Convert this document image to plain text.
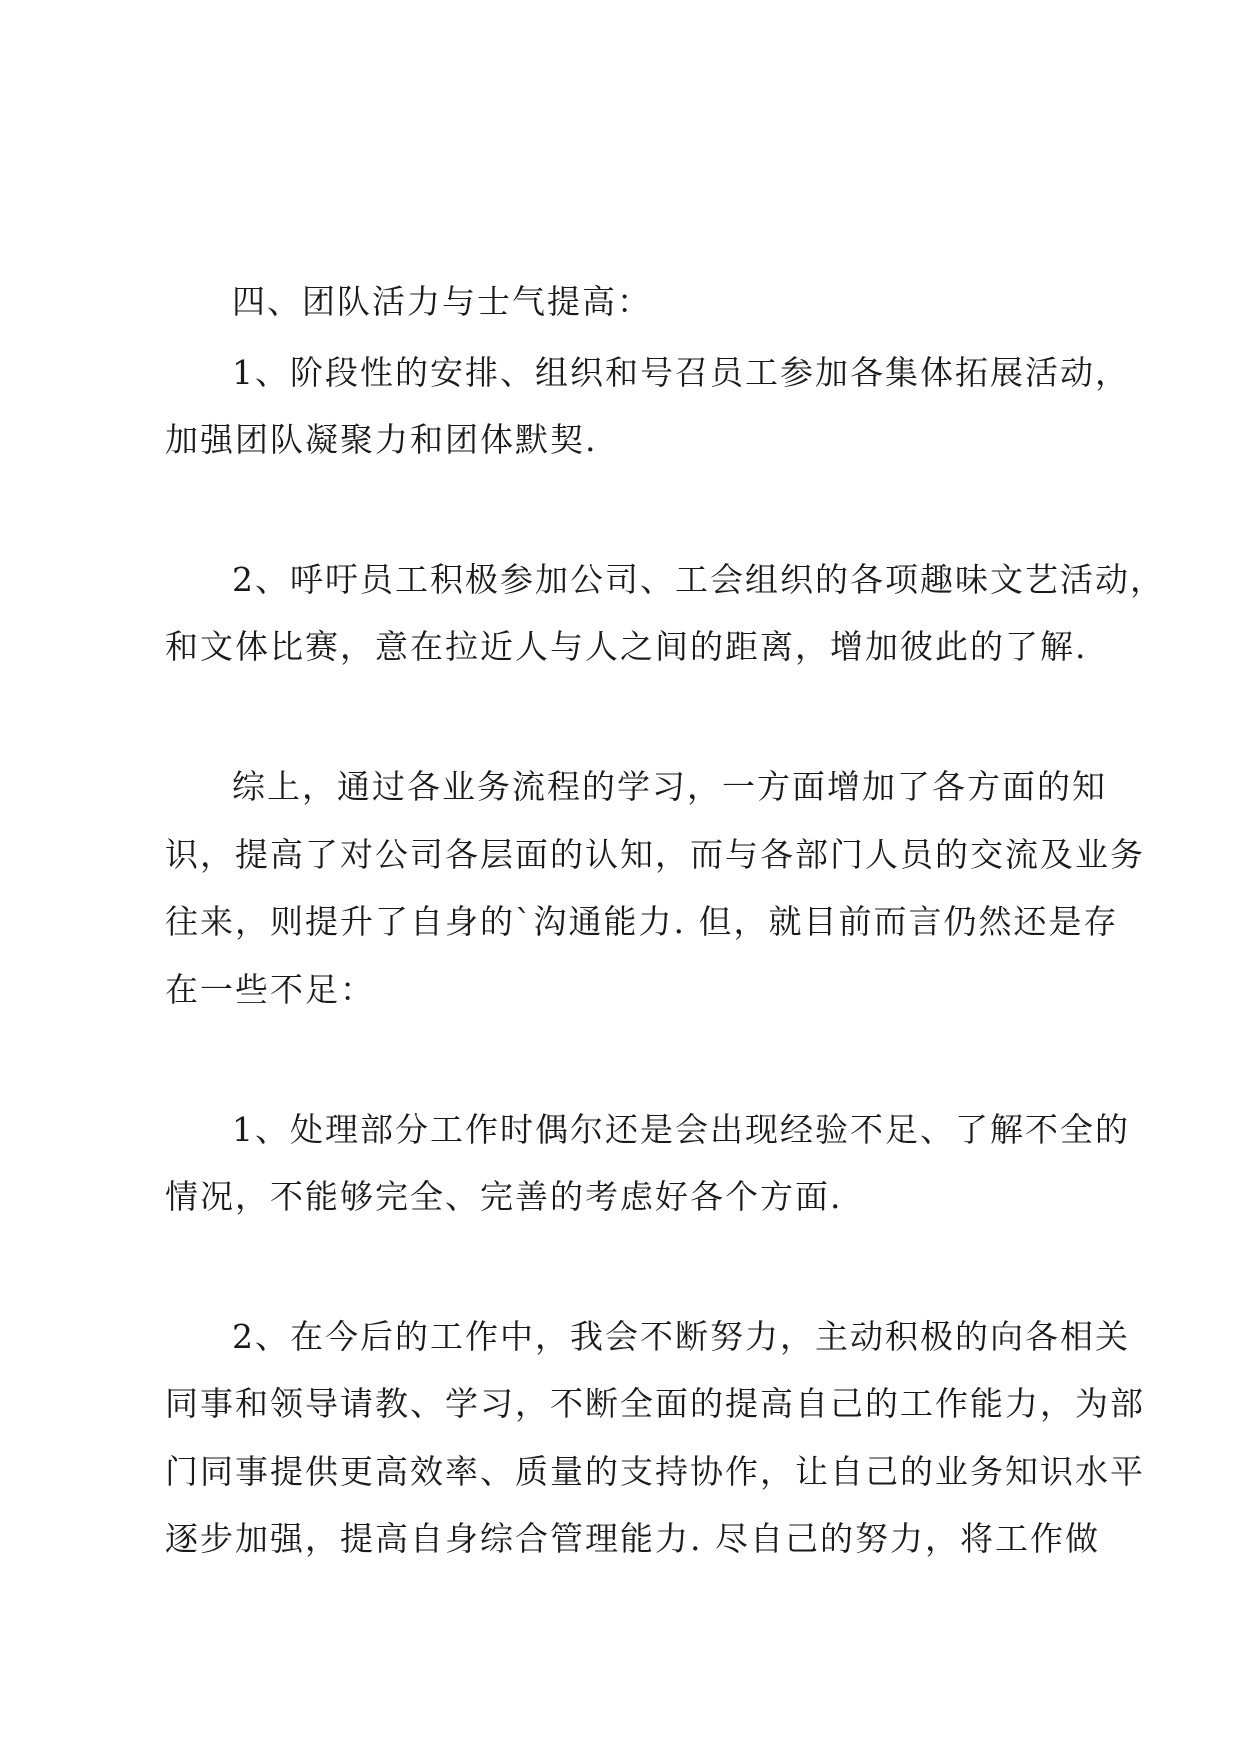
四、团队活力与士气提高：
1、阶段性的安排、组织和号召员工参加各集体拓展活动，
加强团队凝聚力和团体默契.
2、呼吁员工积极参加公司、工会组织的各项趣味文艺活动，
和文体比赛，意在拉近人与人之间的距离，增加彼此的了解.
综上，通过各业务流程的学习，一方面增加了各方面的知
识，提高了对公司各层面的认知，而与各部门人员的交流及业务
往来，则提升了自身的`沟通能力. 但，就目前而言仍然还是存
在一些不足：
1、处理部分工作时偶尔还是会出现经验不足、了解不全的
情况，不能够完全、完善的考虑好各个方面.
2、在今后的工作中，我会不断努力，主动积极的向各相关
同事和领导请教、学习，不断全面的提高自己的工作能力，为部
门同事提供更高效率、质量的支持协作，让自己的业务知识水平
逐步加强，提高自身综合管理能力. 尽自己的努力，将工作做
